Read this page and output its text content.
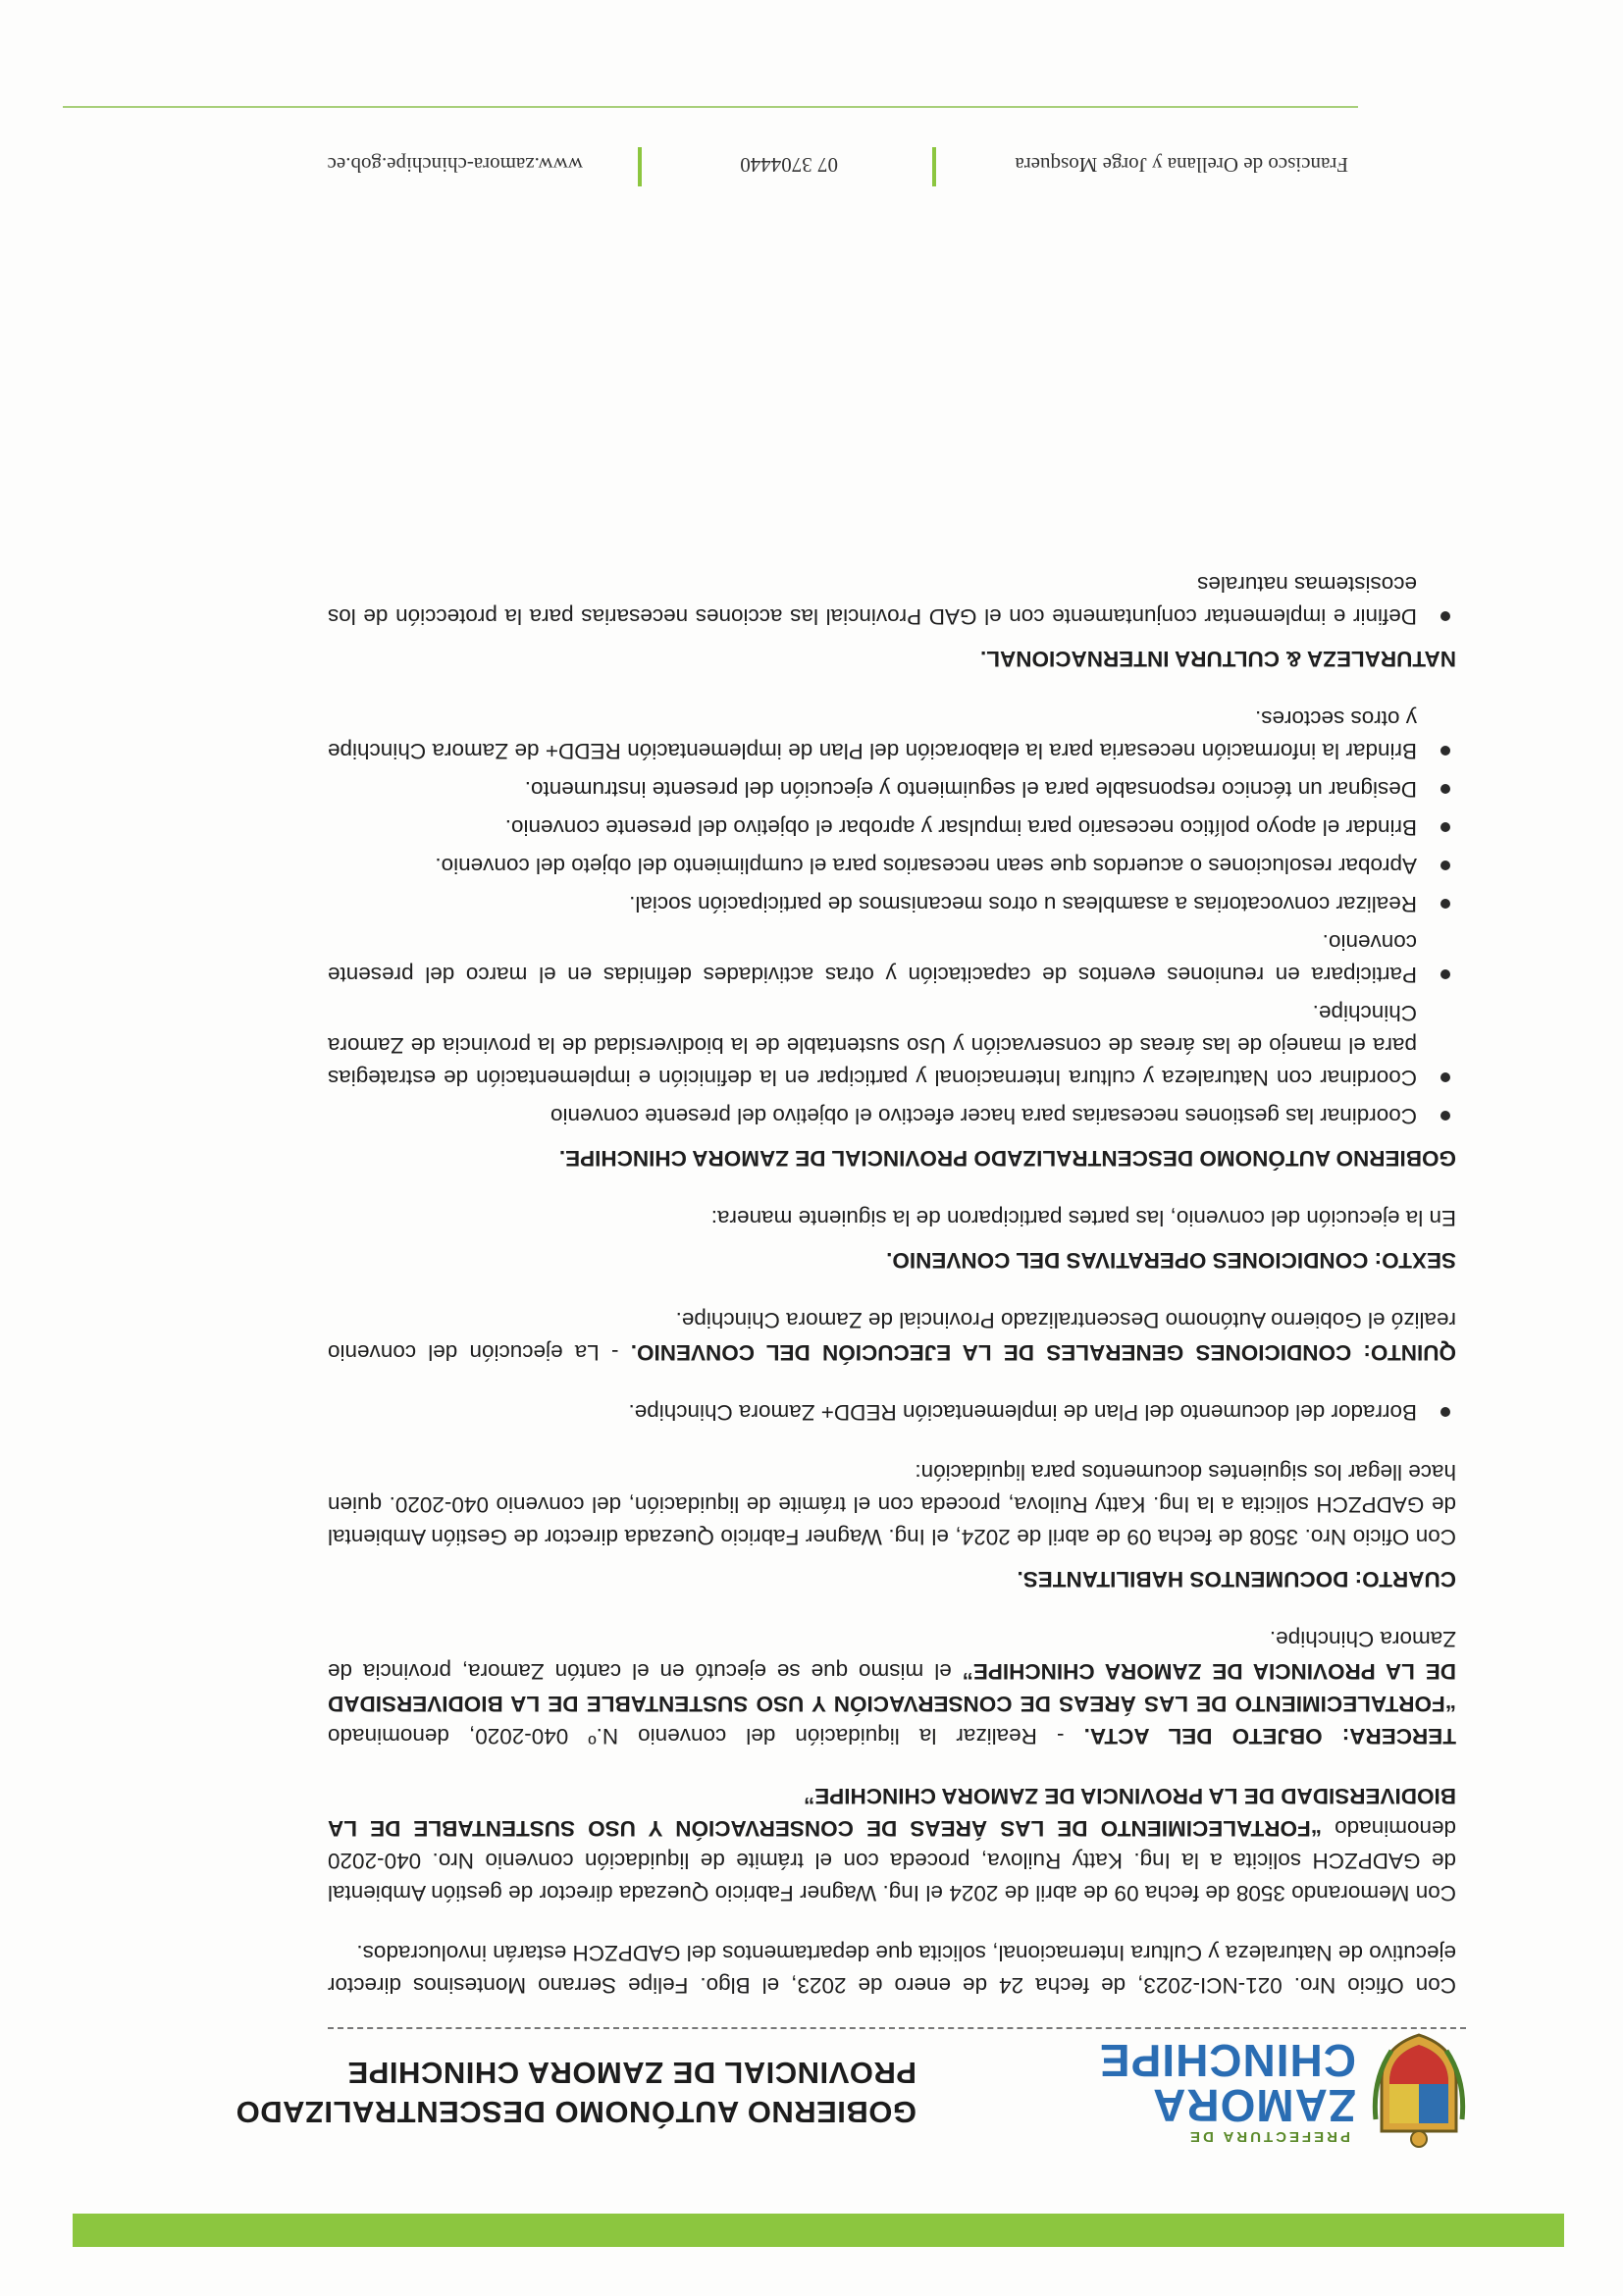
PREFECTURA DE
ZAMORA
CHINCHIPE
GOBIERNO AUTÓNOMO DESCENTRALIZADO
PROVINCIAL DE ZAMORA CHINCHIPE

Con Oficio Nro. 021-NCI-2023, de fecha 24 de enero de 2023, el Blgo. Felipe Serrano Montesinos director ejecutivo de Naturaleza y Cultura Internacional, solicita que departamentos del GADPZCH estarán involucrados.

Con Memorando 3508 de fecha 09 de abril de 2024 el Ing. Wagner Fabricio Quezada director de gestión Ambiental de GADPZCH solicita a la Ing. Katty Ruilova, proceda con el trámite de liquidación convenio Nro. 040-2020 denominado “FORTALECIMIENTO DE LAS ÁREAS DE CONSERVACIÓN Y USO SUSTENTABLE DE LA BIODIVERSIDAD DE LA PROVINCIA DE ZAMORA CHINCHIPE”

TERCERA: OBJETO DEL ACTA. - Realizar la liquidación del convenio N.º 040-2020, denominado “FORTALECIMIENTO DE LAS ÁREAS DE CONSERVACIÓN Y USO SUSTENTABLE DE LA BIODIVERSIDAD DE LA PROVINCIA DE ZAMORA CHINCHIPE” el mismo que se ejecutó en el cantón Zamora, provincia de Zamora Chinchipe.

CUARTO: DOCUMENTOS HABILITANTES.

Con Oficio Nro. 3508 de fecha 09 de abril de 2024, el Ing. Wagner Fabricio Quezada director de Gestión Ambiental de GADPZCH solicita a la Ing. Katty Ruilova, proceda con el trámite de liquidación, del convenio 040-2020. quien hace llegar los siguientes documentos para liquidación:

Borrador del documento del Plan de implementación REDD+ Zamora Chinchipe.

QUINTO: CONDICIONES GENERALES DE LA EJECUCIÓN DEL CONVENIO. - La ejecución del convenio realizó el Gobierno Autónomo Descentralizado Provincial de Zamora Chinchipe.

SEXTO: CONDICIONES OPERATIVAS DEL CONVENIO.

En la ejecución del convenio, las partes participaron de la siguiente manera:

GOBIERNO AUTÓNOMO DESCENTRALIZADO PROVINCIAL DE ZAMORA CHINCHIPE.

Coordinar las gestiones necesarias para hacer efectivo el objetivo del presente convenio
Coordinar con Naturaleza y cultura Internacional y participar en la definición e implementación de estrategias para el manejo de las áreas de conservación y Uso sustentable de la biodiversidad de la provincia de Zamora Chinchipe.
Participara en reuniones eventos de capacitación y otras actividades definidas en el marco del presente convenio.
Realizar convocatorias a asambleas u otros mecanismos de participación social.
Aprobar resoluciones o acuerdos que sean necesarios para el cumplimiento del objeto del convenio.
Brindar el apoyo político necesario para impulsar y aprobar el objetivo del presente convenio.
Designar un técnico responsable para el seguimiento y ejecución del presente instrumento.
Brindar la información necesaria para la elaboración del Plan de implementación REDD+ de Zamora Chinchipe y otros sectores.

NATURALEZA & CULTURA INTERNACIONAL.

Definir e implementar conjuntamente con el GAD Provincial las acciones necesarias para la protección de los ecosistemas naturales
Francisco de Orellana y Jorge Mosquera
07 3704440
www.zamora-chinchipe.gob.ec
